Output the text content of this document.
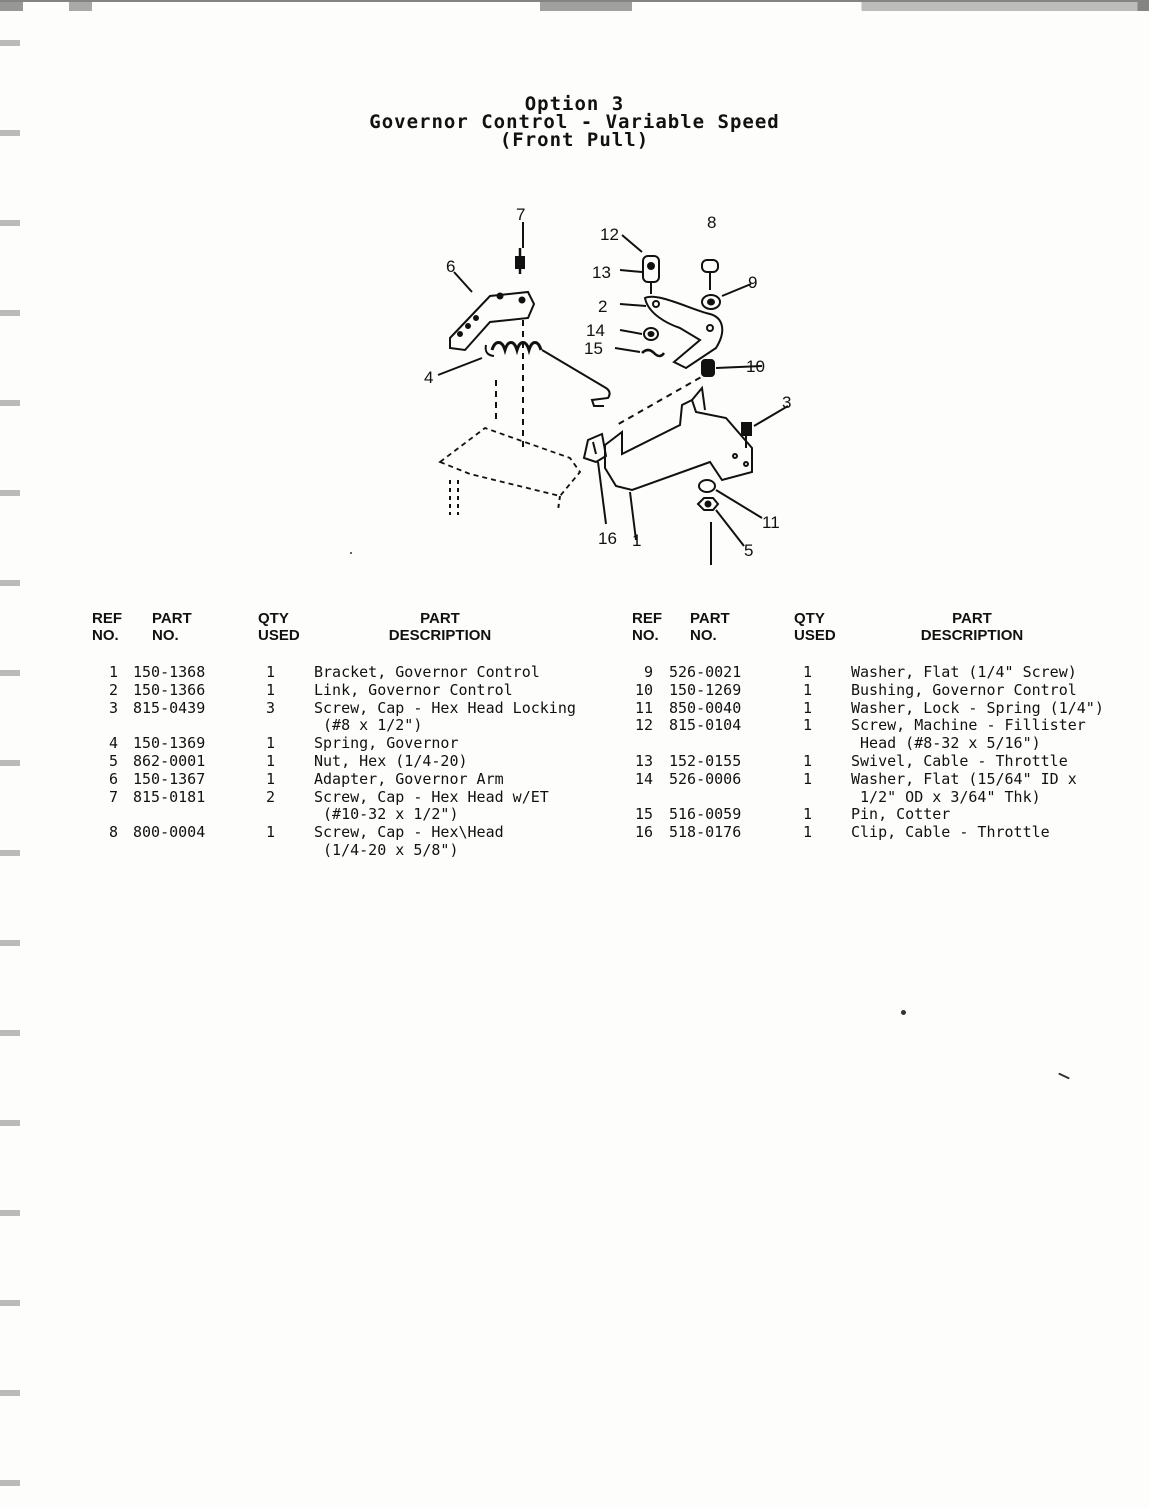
Option 3
Governor Control - Variable Speed
(Front Pull)
7	8
12
6	13
9
2
14
15
10
4
3
11
16 1
5
REF
NO.
PART
NO.
QTY
USED
PART
DESCRIPTION
REF
NO.
PART
NO.
QTY
USED
PART
DESCRIPTION
1
2
3

4
5
6
7

8
150-1368
150-1366
815-0439

150-1369
862-0001
150-1367
815-0181

800-0004
1
1
3

1
1
1
2

1
Bracket, Governor Control
Link, Governor Control
Screw, Cap - Hex Head Locking
(#8 x 1/2")
Spring, Governor
Nut, Hex (1/4-20)
Adapter, Governor Arm
Screw, Cap - Hex Head w/ET
(#10-32 x 1/2")
Screw, Cap - Hex\Head
(1/4-20 x 5/8")
9
10
11
12

13
14

15
16
526-0021
150-1269
850-0040
815-0104

152-0155
526-0006

516-0059
518-0176
1
1
1
1

1
1

1
1
Washer, Flat (1/4" Screw)
Bushing, Governor Control
Washer, Lock - Spring (1/4")
Screw, Machine - Fillister
Head (#8-32 x 5/16")
Swivel, Cable - Throttle
Washer, Flat (15/64" ID x
1/2" OD x 3/64" Thk)
Pin, Cotter
Clip, Cable - Throttle
